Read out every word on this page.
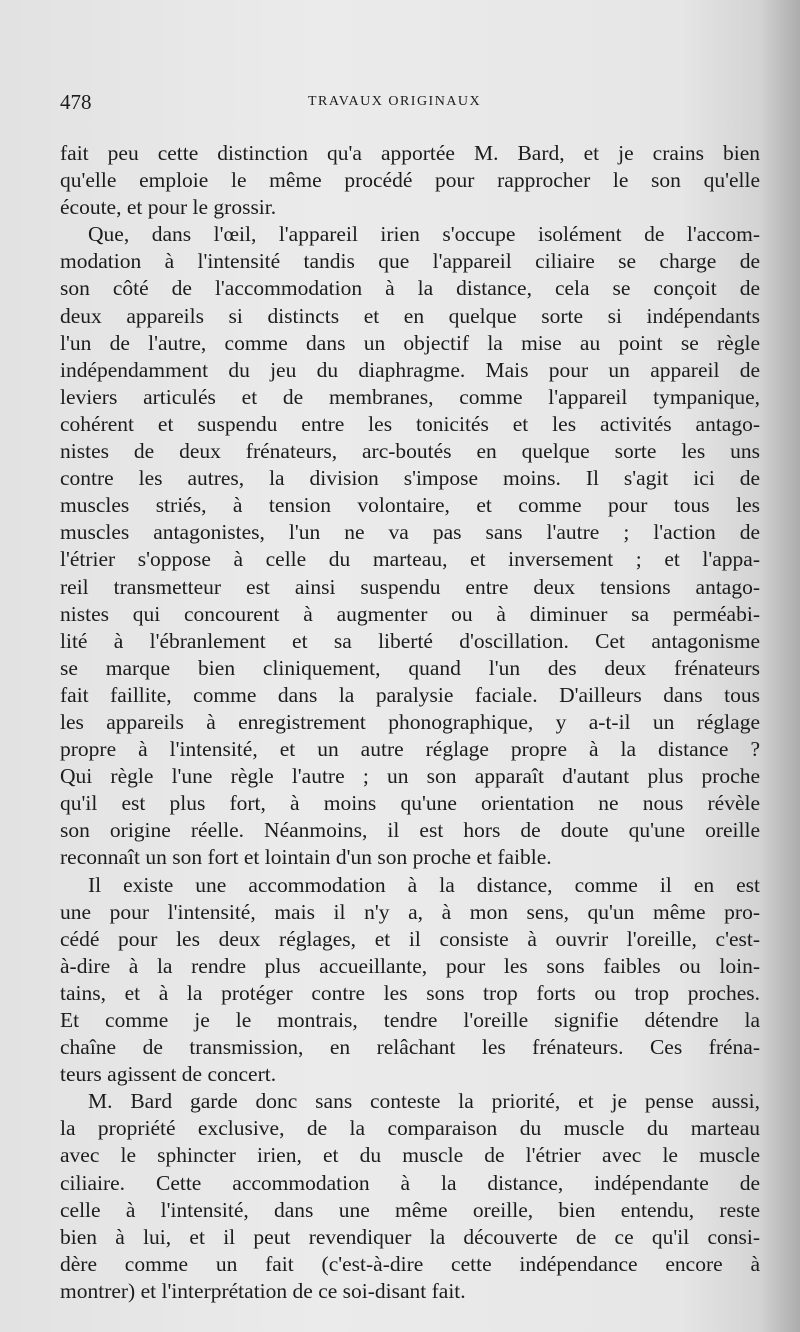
478	TRAVAUX ORIGINAUX
fait peu cette distinction qu'a apportée M. Bard, et je crains bien
qu'elle emploie le même procédé pour rapprocher le son qu'elle
écoute, et pour le grossir.
Que, dans l'œil, l'appareil irien s'occupe isolément de l'accom-
modation à l'intensité tandis que l'appareil ciliaire se charge de
son côté de l'accommodation à la distance, cela se conçoit de
deux appareils si distincts et en quelque sorte si indépendants
l'un de l'autre, comme dans un objectif la mise au point se règle
indépendamment du jeu du diaphragme. Mais pour un appareil de
leviers articulés et de membranes, comme l'appareil tympanique,
cohérent et suspendu entre les tonicités et les activités antago-
nistes de deux frénateurs, arc-boutés en quelque sorte les uns
contre les autres, la division s'impose moins. Il s'agit ici de
muscles striés, à tension volontaire, et comme pour tous les
muscles antagonistes, l'un ne va pas sans l'autre ; l'action de
l'étrier s'oppose à celle du marteau, et inversement ; et l'appa-
reil transmetteur est ainsi suspendu entre deux tensions antago-
nistes qui concourent à augmenter ou à diminuer sa perméabi-
lité à l'ébranlement et sa liberté d'oscillation. Cet antagonisme
se marque bien cliniquement, quand l'un des deux frénateurs
fait faillite, comme dans la paralysie faciale. D'ailleurs dans tous
les appareils à enregistrement phonographique, y a-t-il un réglage
propre à l'intensité, et un autre réglage propre à la distance ?
Qui règle l'une règle l'autre ; un son apparaît d'autant plus proche
qu'il est plus fort, à moins qu'une orientation ne nous révèle
son origine réelle. Néanmoins, il est hors de doute qu'une oreille
reconnaît un son fort et lointain d'un son proche et faible.
Il existe une accommodation à la distance, comme il en est
une pour l'intensité, mais il n'y a, à mon sens, qu'un même pro-
cédé pour les deux réglages, et il consiste à ouvrir l'oreille, c'est-
à-dire à la rendre plus accueillante, pour les sons faibles ou loin-
tains, et à la protéger contre les sons trop forts ou trop proches.
Et comme je le montrais, tendre l'oreille signifie détendre la
chaîne de transmission, en relâchant les frénateurs. Ces fréna-
teurs agissent de concert.
M. Bard garde donc sans conteste la priorité, et je pense aussi,
la propriété exclusive, de la comparaison du muscle du marteau
avec le sphincter irien, et du muscle de l'étrier avec le muscle
ciliaire. Cette accommodation à la distance, indépendante de
celle à l'intensité, dans une même oreille, bien entendu, reste
bien à lui, et il peut revendiquer la découverte de ce qu'il consi-
dère comme un fait (c'est-à-dire cette indépendance encore à
montrer) et l'interprétation de ce soi-disant fait.
